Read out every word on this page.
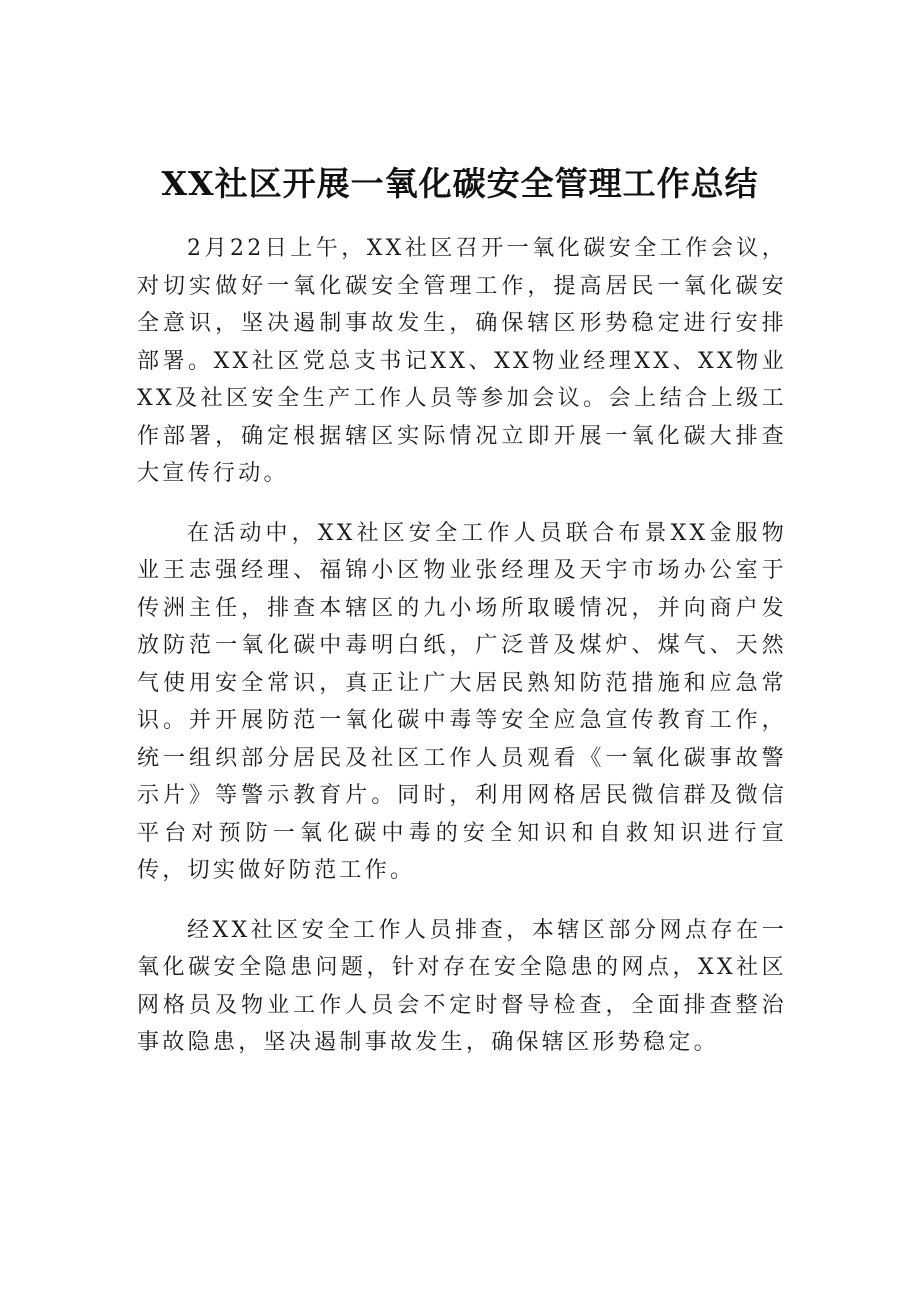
XX社区开展一氧化碳安全管理工作总结

2月22日上午，XX社区召开一氧化碳安全工作会议，对切实做好一氧化碳安全管理工作，提高居民一氧化碳安全意识，坚决遏制事故发生，确保辖区形势稳定进行安排部署。XX社区党总支书记XX、XX物业经理XX、XX物业XX及社区安全生产工作人员等参加会议。会上结合上级工作部署，确定根据辖区实际情况立即开展一氧化碳大排查大宣传行动。

在活动中，XX社区安全工作人员联合布景XX金服物业王志强经理、福锦小区物业张经理及天宇市场办公室于传洲主任，排查本辖区的九小场所取暖情况，并向商户发放防范一氧化碳中毒明白纸，广泛普及煤炉、煤气、天然气使用安全常识，真正让广大居民熟知防范措施和应急常识。并开展防范一氧化碳中毒等安全应急宣传教育工作，统一组织部分居民及社区工作人员观看《一氧化碳事故警示片》等警示教育片。同时，利用网格居民微信群及微信平台对预防一氧化碳中毒的安全知识和自救知识进行宣传，切实做好防范工作。

经XX社区安全工作人员排查，本辖区部分网点存在一氧化碳安全隐患问题，针对存在安全隐患的网点，XX社区网格员及物业工作人员会不定时督导检查，全面排查整治事故隐患，坚决遏制事故发生，确保辖区形势稳定。
